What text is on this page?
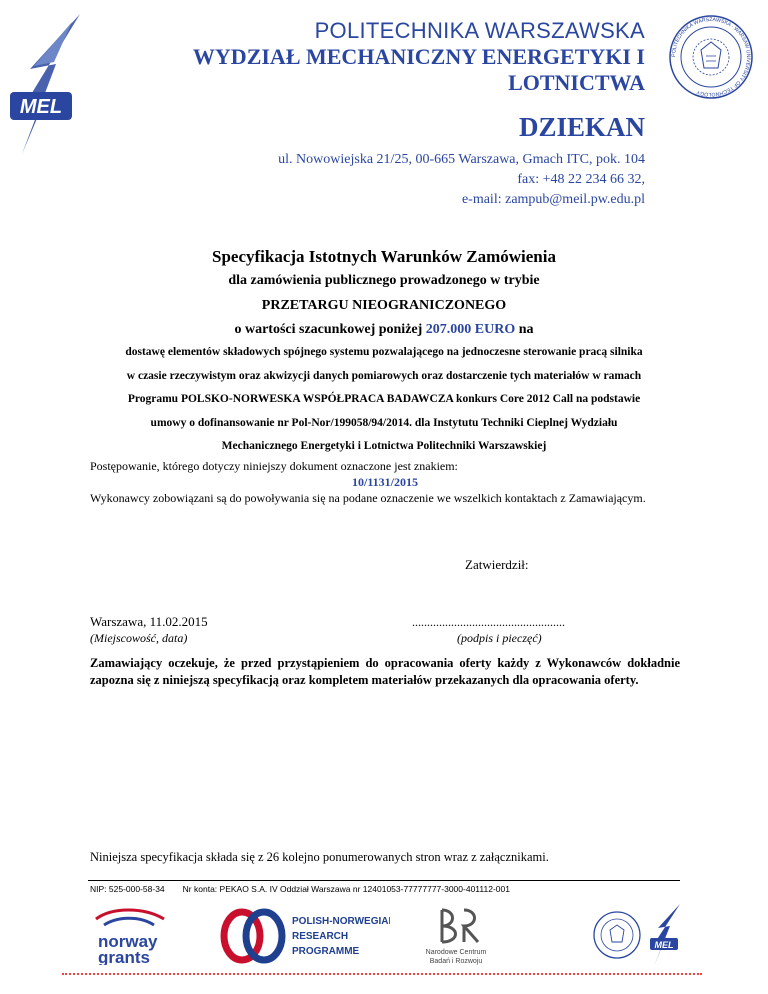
MEL
POLITECHNIKA WARSZAWSKA · WARSAW UNIVERSITY OF TECHNOLOGY
POLITECHNIKA WARSZAWSKA
WYDZIAŁ MECHANICZNY ENERGETYKI I
LOTNICTWA
DZIEKAN
ul. Nowowiejska 21/25, 00-665 Warszawa, Gmach ITC, pok. 104
fax: +48 22 234 66 32,
e-mail: zampub@meil.pw.edu.pl
Specyfikacja Istotnych Warunków Zamówienia
dla zamówienia publicznego prowadzonego w trybie
PRZETARGU NIEOGRANICZONEGO
o wartości szacunkowej poniżej 207.000 EURO na
dostawę elementów składowych spójnego systemu pozwalającego na jednoczesne sterowanie pracą silnika
w czasie rzeczywistym oraz akwizycji danych pomiarowych oraz dostarczenie tych materiałów w ramach
Programu POLSKO-NORWESKA WSPÓŁPRACA BADAWCZA konkurs Core 2012 Call na podstawie
umowy o dofinansowanie nr Pol-Nor/199058/94/2014. dla Instytutu Techniki Cieplnej Wydziału
Mechanicznego Energetyki i Lotnictwa Politechniki Warszawskiej
Postępowanie, którego dotyczy niniejszy dokument oznaczone jest znakiem:
10/1131/2015
Wykonawcy zobowiązani są do powoływania się na podane oznaczenie we wszelkich kontaktach z Zamawiającym.
Zatwierdził:
Warszawa, 11.02.2015
(Miejscowość, data)
...................................................
(podpis i pieczęć)
Zamawiający oczekuje, że przed przystąpieniem do opracowania oferty każdy z Wykonawców dokładnie zapozna się z niniejszą specyfikacją oraz kompletem materiałów przekazanych dla opracowania oferty.
Niniejsza specyfikacja składa się z 26 kolejno ponumerowanych stron wraz z załącznikami.
NIP: 525-000-58-34 Nr konta: PEKAO S.A. IV Oddział Warszawa nr 12401053-77777777-3000-401112-001
norway
grants
POLISH-NORWEGIAN
RESEARCH
PROGRAMME	Narodowe Centrum
Badań i Rozwoju
MEL
